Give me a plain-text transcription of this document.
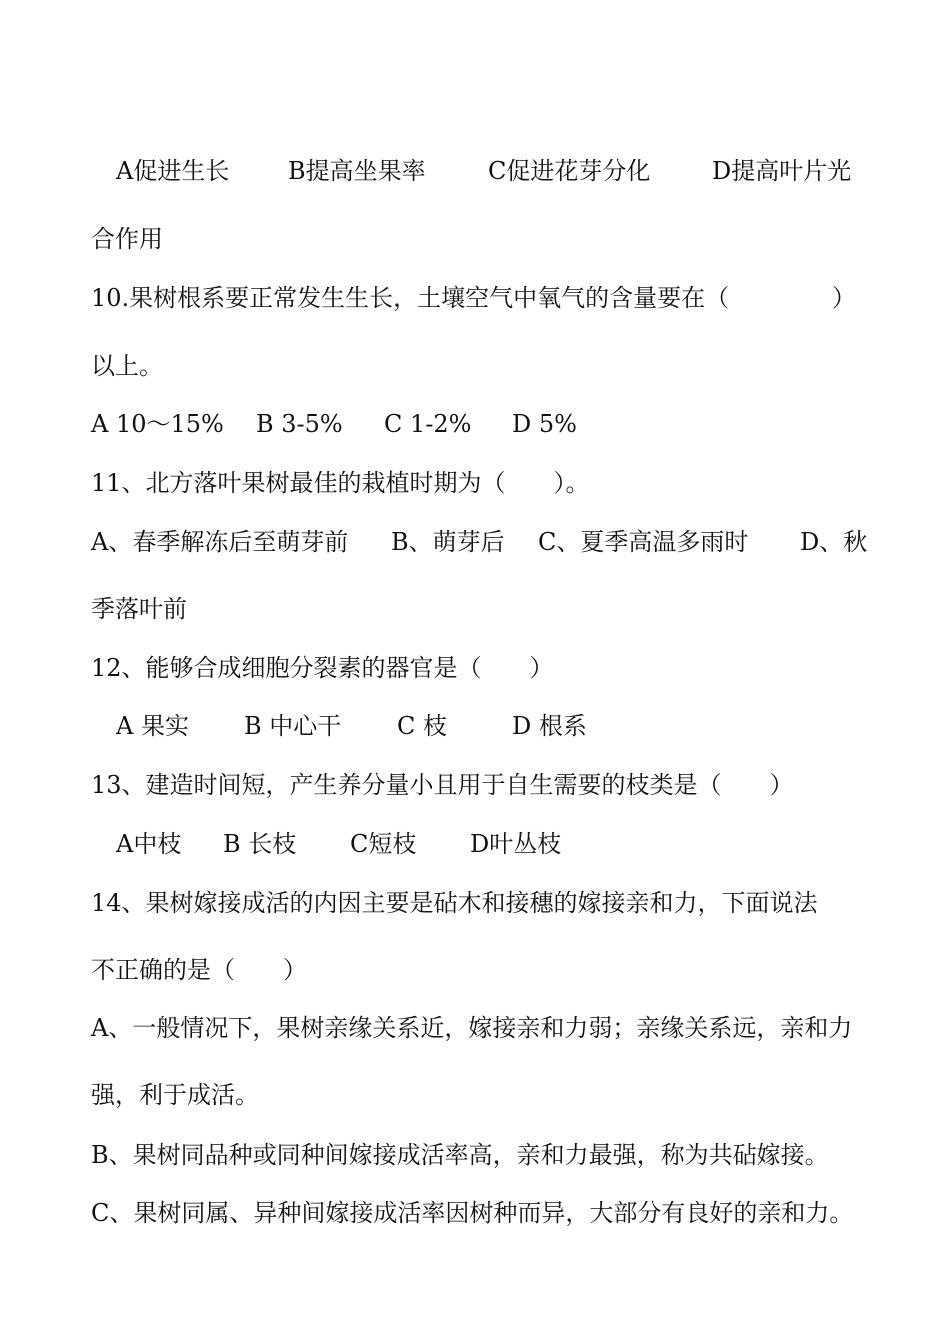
A促进生长

B提高坐果率

	C促进花芽分化

	D提高叶片光

合作用

10.果树根系要正常发生生长，土壤空气中氧气的含量要在（

	）

以上。

A 10～15%

B 3-5%

C 1-2%

D 5%

11、北方落叶果树最佳的栽植时期为（　　）。

A、春季解冻后至萌芽前

B、萌芽后

C、夏季高温多雨时

D、秋

季落叶前

12、能够合成细胞分裂素的器官是（　　）

A 果实

B 中心干

C 枝

	D 根系

13、建造时间短，产生养分量小且用于自生需要的枝类是（　　）

A中枝

B 长枝

C短枝

D叶丛枝

14、果树嫁接成活的内因主要是砧木和接穗的嫁接亲和力，下面说法

不正确的是（　　）

A、一般情况下，果树亲缘关系近，嫁接亲和力弱；亲缘关系远，亲和力

强，利于成活。

B、果树同品种或同种间嫁接成活率高，亲和力最强，称为共砧嫁接。

C、果树同属、异种间嫁接成活率因树种而异，大部分有良好的亲和力。
